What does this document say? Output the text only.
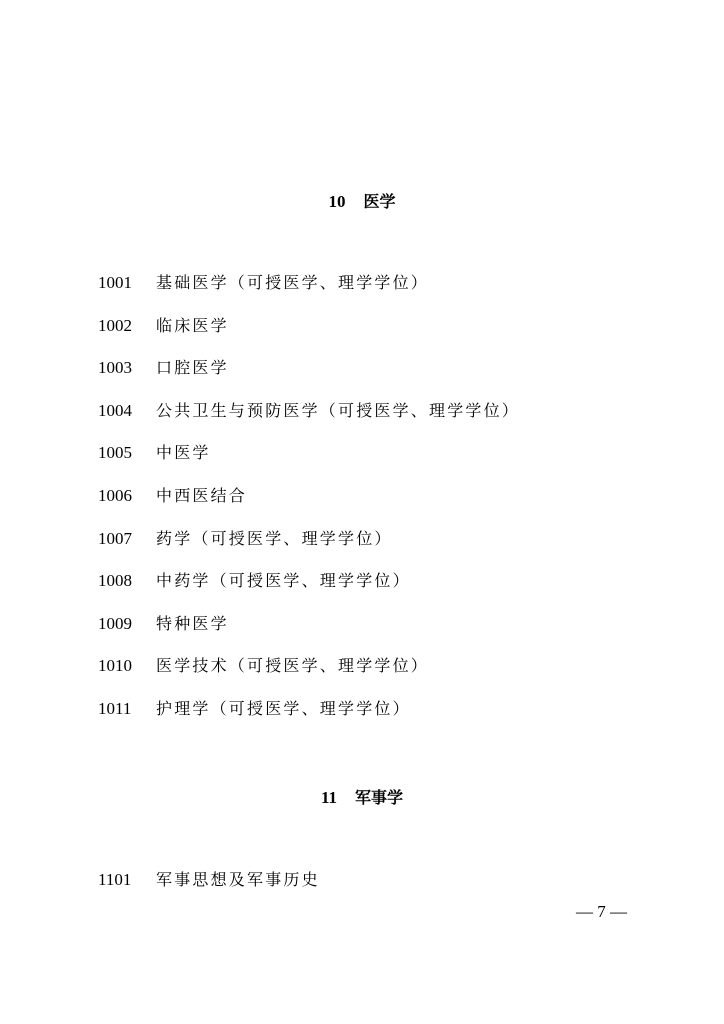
10 医学
1001	基础医学（可授医学、理学学位）
1002	临床医学
1003	口腔医学
1004	公共卫生与预防医学（可授医学、理学学位）
1005	中医学
1006	中西医结合
1007	药学（可授医学、理学学位）
1008	中药学（可授医学、理学学位）
1009	特种医学
1010	医学技术（可授医学、理学学位）
1011	护理学（可授医学、理学学位）
11 军事学
1101	军事思想及军事历史
— 7 —
